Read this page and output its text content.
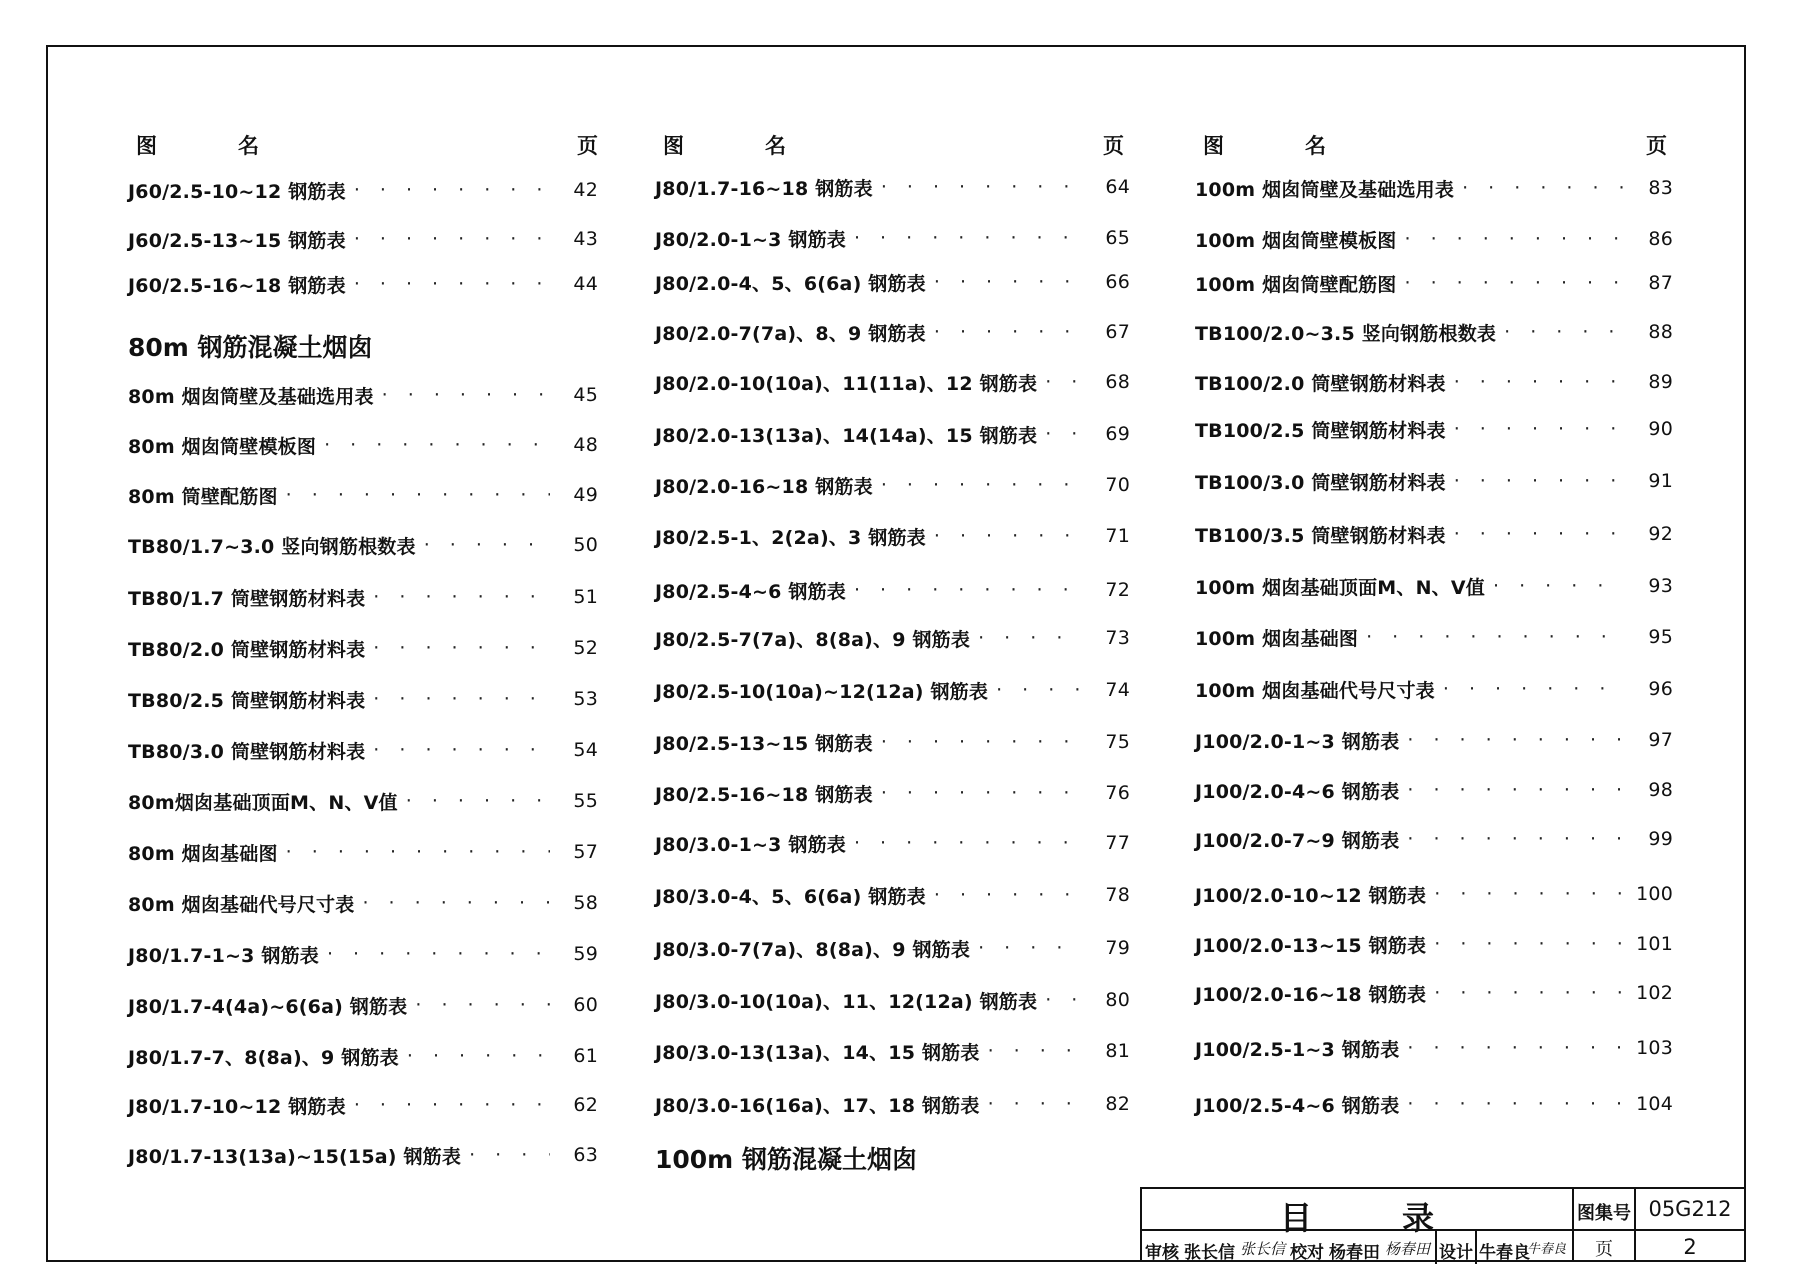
图	名	页
J60/2.5-10~12 钢筋表 · · ·	42
J60/2.5-13~15 钢筋表 · · ·	43
J60/2.5-16~18 钢筋表 · · ·	44
80m 钢筋混凝土烟囱
80m 烟囱筒壁及基础选用表 · · ·	45
80m 烟囱筒壁模板图 · · ·	48
80m 筒壁配筋图 · · ·	49
TB80/1.7~3.0 竖向钢筋根数表 · · ·	50
TB80/1.7 筒壁钢筋材料表 · · ·	51
TB80/2.0 筒壁钢筋材料表 · · ·	52
TB80/2.5 筒壁钢筋材料表 · · ·	53
TB80/3.0 筒壁钢筋材料表 · · ·	54
80m烟囱基础顶面M、N、V值 · · ·	55
80m 烟囱基础图 · · ·	57
80m 烟囱基础代号尺寸表 · · ·	58
J80/1.7-1~3 钢筋表 · · ·	59
J80/1.7-4(4a)~6(6a) 钢筋表 · · ·	60
J80/1.7-7、8(8a)、9 钢筋表 · · ·	61
J80/1.7-10~12 钢筋表 · · ·	62
J80/1.7-13(13a)~15(15a) 钢筋表 · · ·	63
图	名	页
J80/1.7-16~18 钢筋表 · · ·	64
J80/2.0-1~3 钢筋表 · · ·	65
J80/2.0-4、5、6(6a) 钢筋表 · · ·	66
J80/2.0-7(7a)、8、9 钢筋表 · · ·	67
J80/2.0-10(10a)、11(11a)、12 钢筋表 · · ·	68
J80/2.0-13(13a)、14(14a)、15 钢筋表 · · ·	69
J80/2.0-16~18 钢筋表 · · ·	70
J80/2.5-1、2(2a)、3 钢筋表 · · ·	71
J80/2.5-4~6 钢筋表 · · ·	72
J80/2.5-7(7a)、8(8a)、9 钢筋表 · · ·	73
J80/2.5-10(10a)~12(12a) 钢筋表 · · ·	74
J80/2.5-13~15 钢筋表 · · ·	75
J80/2.5-16~18 钢筋表 · · ·	76
J80/3.0-1~3 钢筋表 · · ·	77
J80/3.0-4、5、6(6a) 钢筋表 · · ·	78
J80/3.0-7(7a)、8(8a)、9 钢筋表 · · ·	79
J80/3.0-10(10a)、11、12(12a) 钢筋表 · · ·	80
J80/3.0-13(13a)、14、15 钢筋表 · · ·	81
J80/3.0-16(16a)、17、18 钢筋表 · · ·	82
100m 钢筋混凝土烟囱
图	名	页
100m 烟囱筒壁及基础选用表 · · ·	83
100m 烟囱筒壁模板图 · · ·	86
100m 烟囱筒壁配筋图 · · ·	87
TB100/2.0~3.5 竖向钢筋根数表 · · ·	88
TB100/2.0 筒壁钢筋材料表 · · ·	89
TB100/2.5 筒壁钢筋材料表 · · ·	90
TB100/3.0 筒壁钢筋材料表 · · ·	91
TB100/3.5 筒壁钢筋材料表 · · ·	92
100m 烟囱基础顶面M、N、V值 · · ·	93
100m 烟囱基础图 · · ·	95
100m 烟囱基础代号尺寸表 · · ·	96
J100/2.0-1~3 钢筋表 · · ·	97
J100/2.0-4~6 钢筋表 · · ·	98
J100/2.0-7~9 钢筋表 · · ·	99
J100/2.0-10~12 钢筋表 · · ·	100
J100/2.0-13~15 钢筋表 · · ·	101
J100/2.0-16~18 钢筋表 · · ·	102
J100/2.5-1~3 钢筋表 · · ·	103
J100/2.5-4~6 钢筋表 · · ·	104
目录	图集号 05G212
页	2
审核 张长信 张长信 校对 杨春田 杨春田 设计 牛春良
牛春良
